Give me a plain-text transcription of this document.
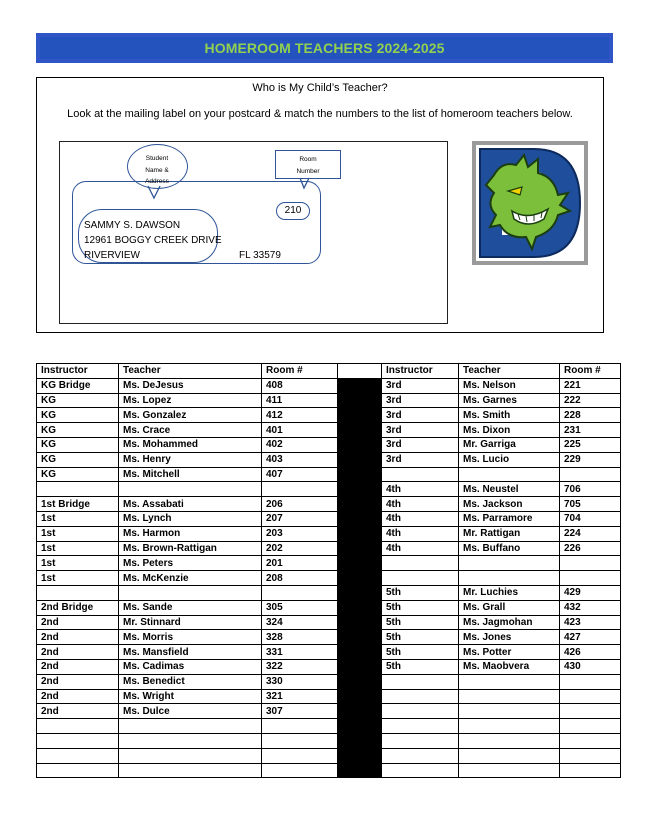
HOMEROOM TEACHERS 2024-2025
Who is My Child’s Teacher?
Look at the mailing label on your postcard & match the numbers to the list of homeroom teachers below.
Student
Name &
Address
Room
Number
210
SAMMY S. DAWSON
12961 BOGGY CREEK DRIVE
RIVERVIEW	FL 33579
Instructor	Teacher	Room #		Instructor	Teacher	Room #
KG Bridge	Ms. DeJesus	408		3rd	Ms. Nelson	221
KG	Ms. Lopez	411		3rd	Ms. Garnes	222
KG	Ms. Gonzalez	412		3rd	Ms. Smith	228
KG	Ms. Crace	401		3rd	Ms. Dixon	231
KG	Ms. Mohammed	402		3rd	Mr. Garriga	225
KG	Ms. Henry	403		3rd	Ms. Lucio	229
KG	Ms. Mitchell	407				
				4th	Ms. Neustel	706
1st Bridge	Ms. Assabati	206		4th	Ms. Jackson	705
1st	Ms. Lynch	207		4th	Ms. Parramore	704
1st	Ms. Harmon	203		4th	Mr. Rattigan	224
1st	Ms. Brown-Rattigan	202		4th	Ms. Buffano	226
1st	Ms. Peters	201				
1st	Ms. McKenzie	208				
				5th	Mr. Luchies	429
2nd Bridge	Ms. Sande	305		5th	Ms. Grall	432
2nd	Mr. Stinnard	324		5th	Ms. Jagmohan	423
2nd	Ms. Morris	328		5th	Ms. Jones	427
2nd	Ms. Mansfield	331		5th	Ms. Potter	426
2nd	Ms. Cadimas	322		5th	Ms. Maobvera	430
2nd	Ms. Benedict	330				
2nd	Ms. Wright	321				
2nd	Ms. Dulce	307				
